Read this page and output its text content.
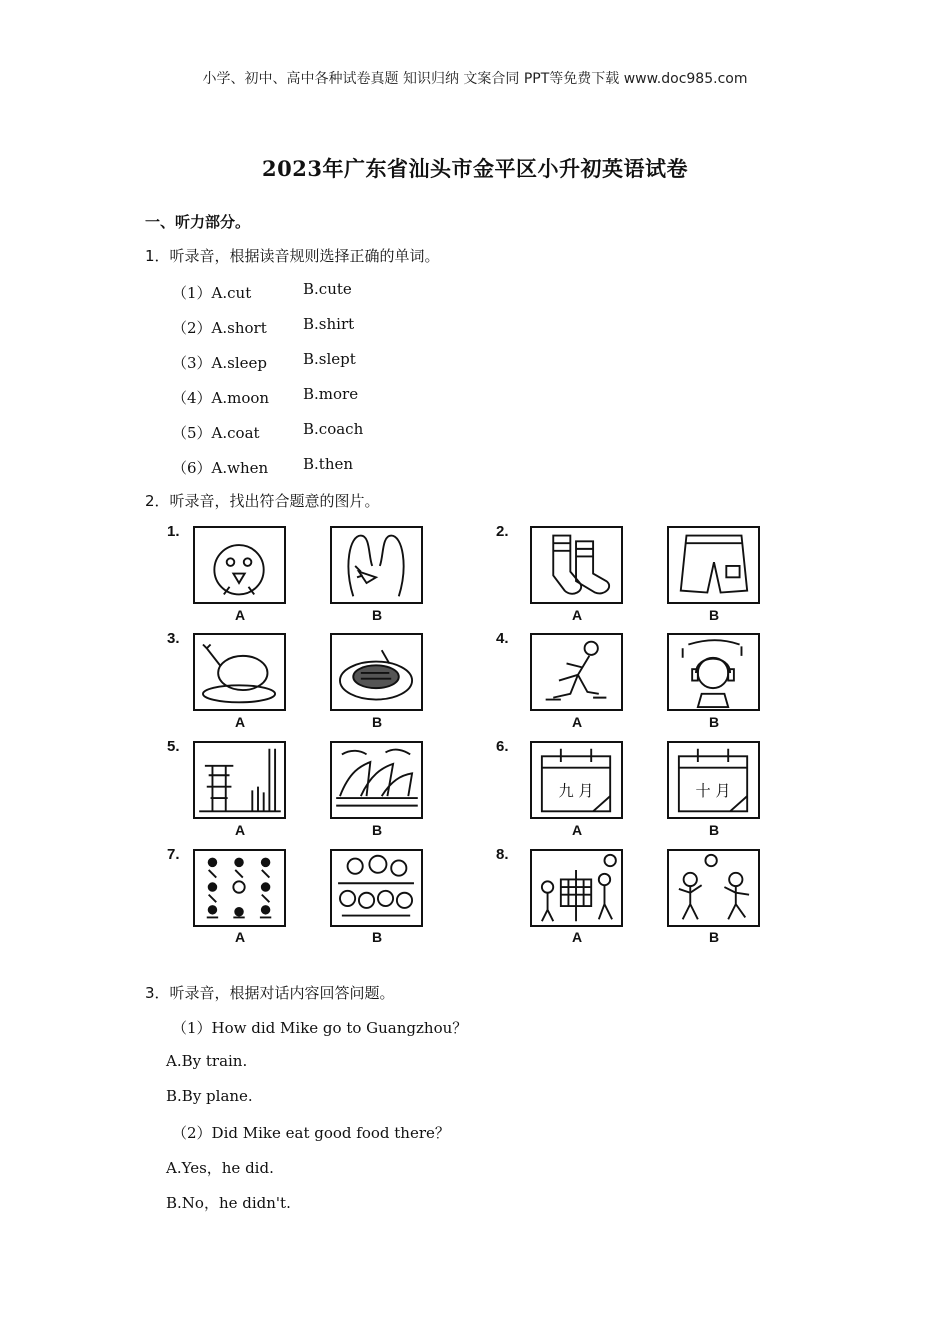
小学、初中、高中各种试卷真题 知识归纳 文案合同 PPT等免费下载 www.doc985.com
2023年广东省汕头市金平区小升初英语试卷
一、听力部分。
1．听录音，根据读音规则选择正确的单词。
（1）A.cut	B.cute
（2）A.short B.shirt
（3）A.sleep B.slept
（4）A.moon B.more
（5）A.coat	B.coach
（6）A.when B.then
2．听录音，找出符合题意的图片。
1.
A	B
2.
A	B
3.
A	B
4.
A	B
5.
A	B
6.
九 月	十 月
A	B
7.
A	B
8.
A	B
3．听录音，根据对话内容回答问题。
（1）How did Mike go to Guangzhou？
A.By train.
B.By plane.
（2）Did Mike eat good food there？
A.Yes，he did.
B.No，he didn't.
